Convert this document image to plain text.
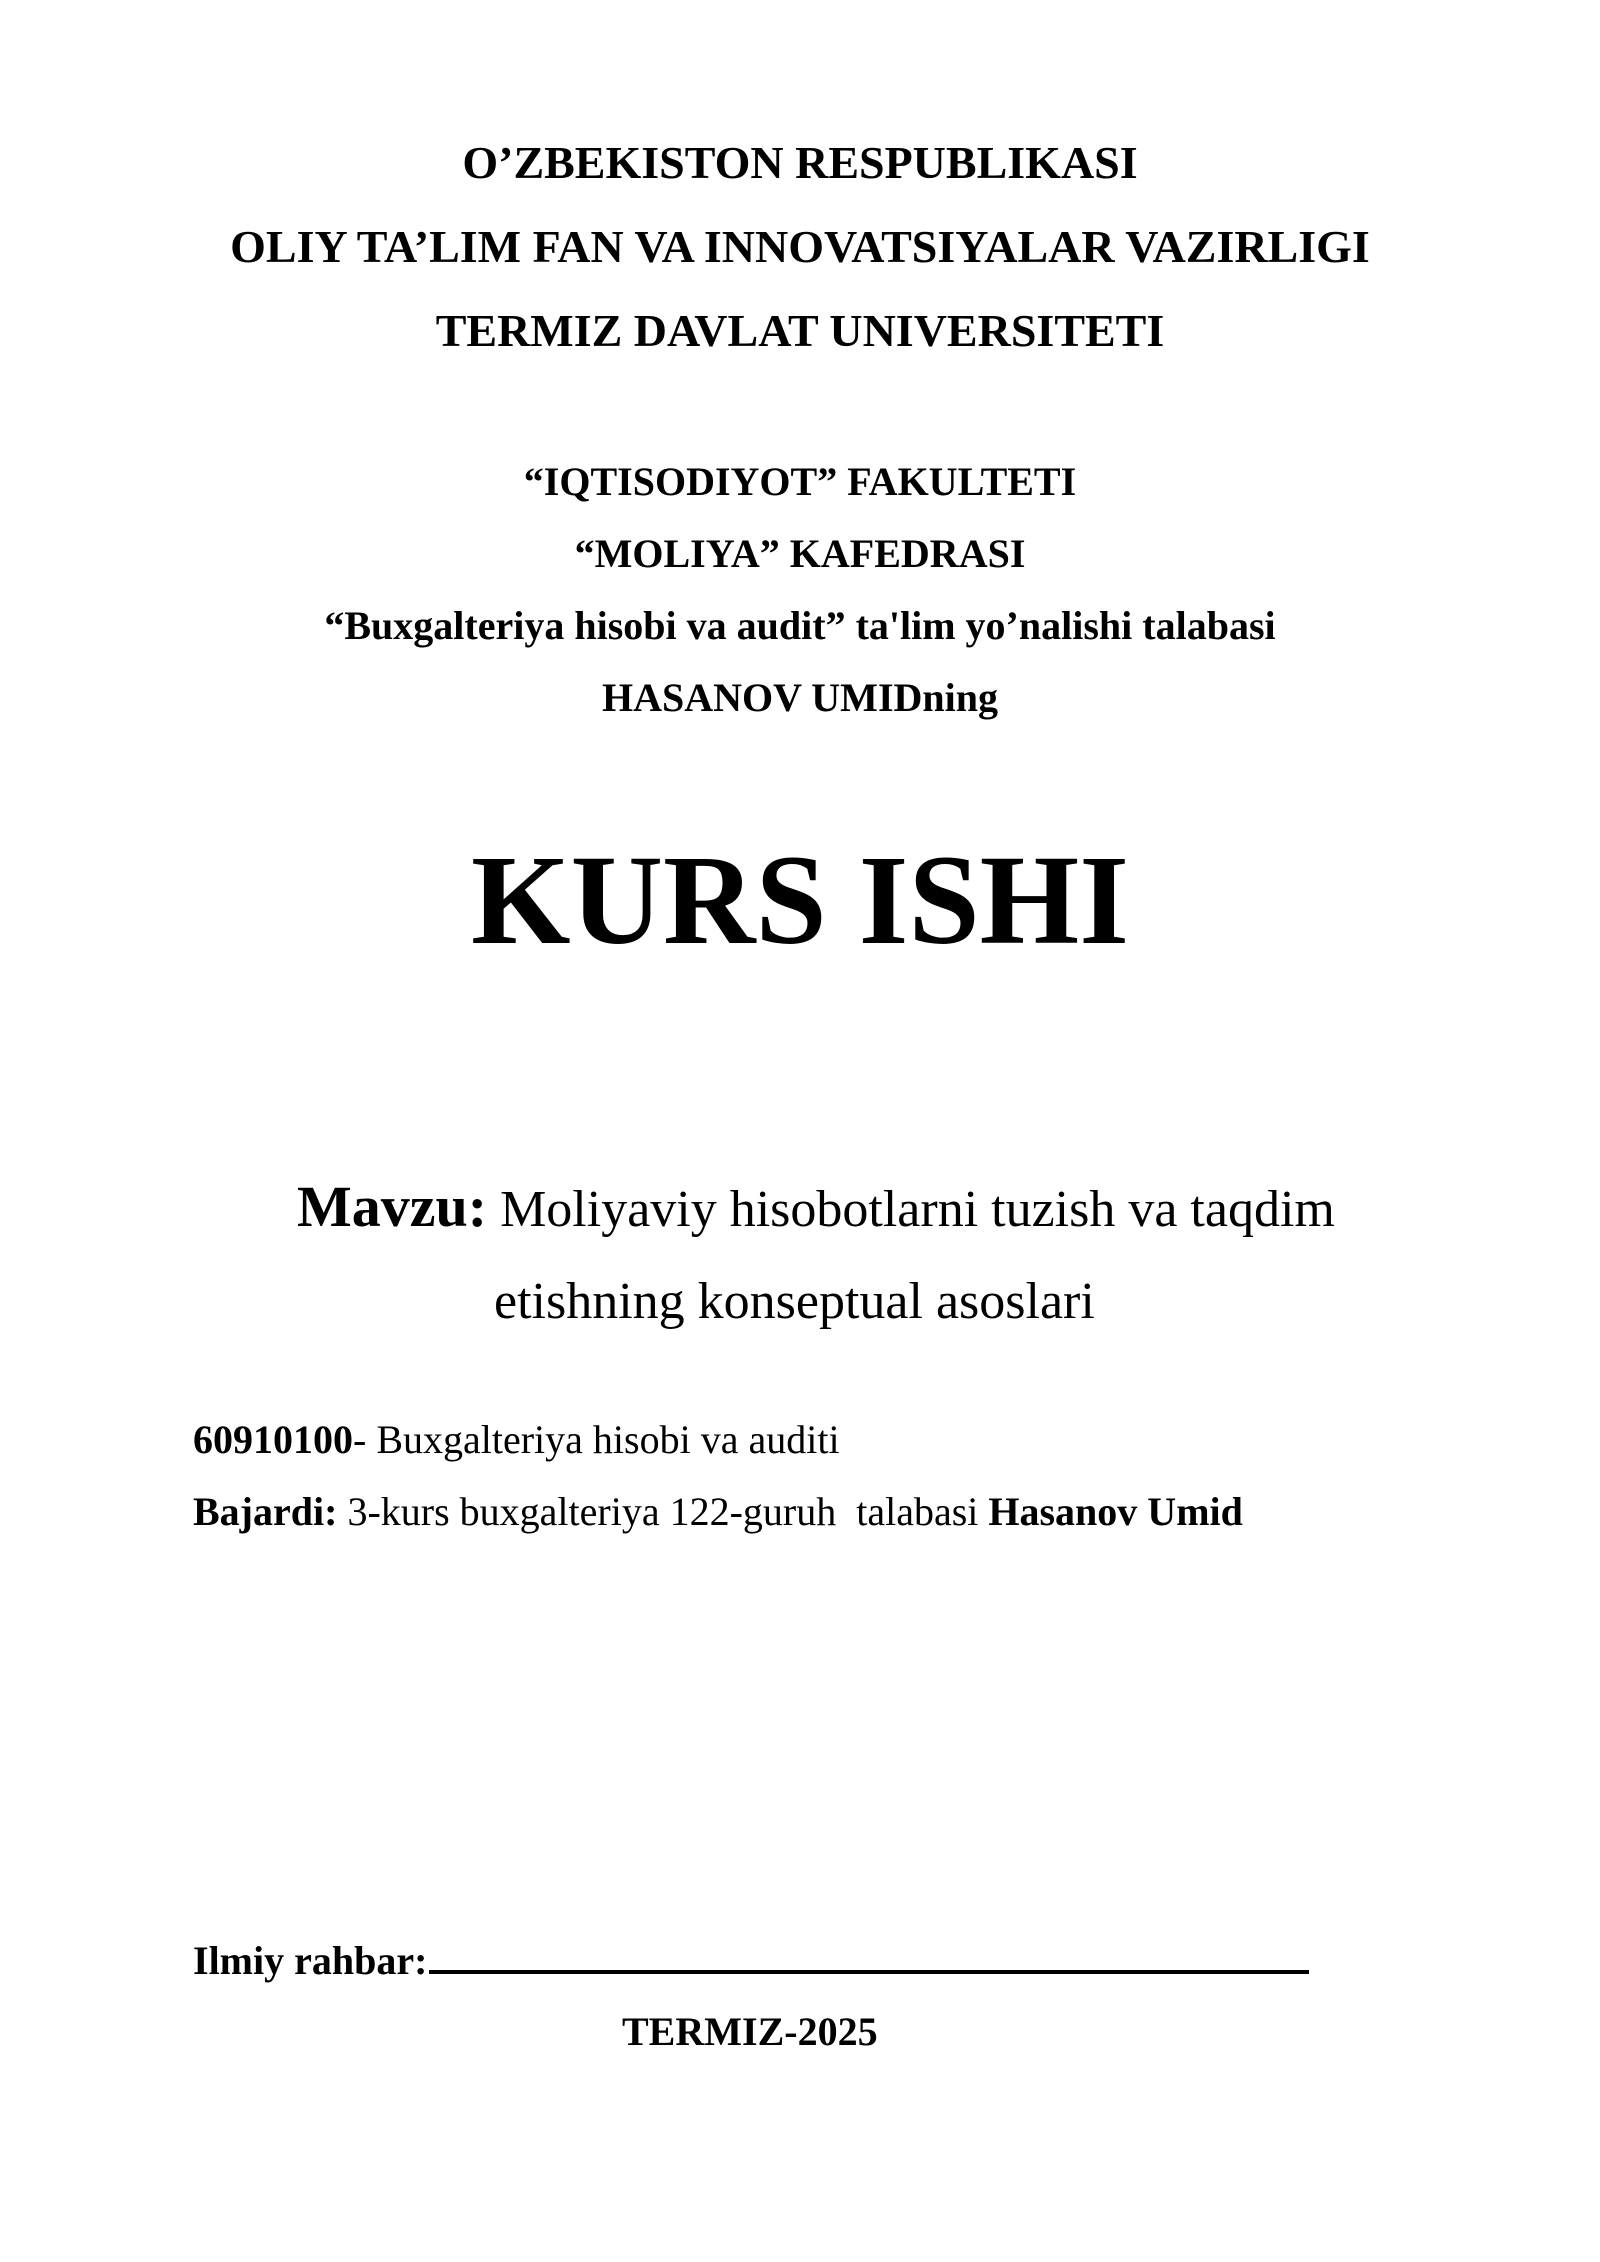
O’ZBEKISTON RESPUBLIKASI
OLIY TA’LIM FAN VA INNOVATSIYALAR VAZIRLIGI
TERMIZ DAVLAT UNIVERSITETI
“IQTISODIYOT” FAKULTETI
“MOLIYA” KAFEDRASI
“Buxgalteriya hisobi va audit” ta'lim yo’nalishi talabasi
HASANOV UMIDning
KURS ISHI
Mavzu: Moliyaviy hisobotlarni tuzish va taqdim
etishning konseptual asoslari
60910100- Buxgalteriya hisobi va auditi
Bajardi: 3-kurs buxgalteriya 122-guruh  talabasi Hasanov Umid
Ilmiy rahbar:
TERMIZ-2025
